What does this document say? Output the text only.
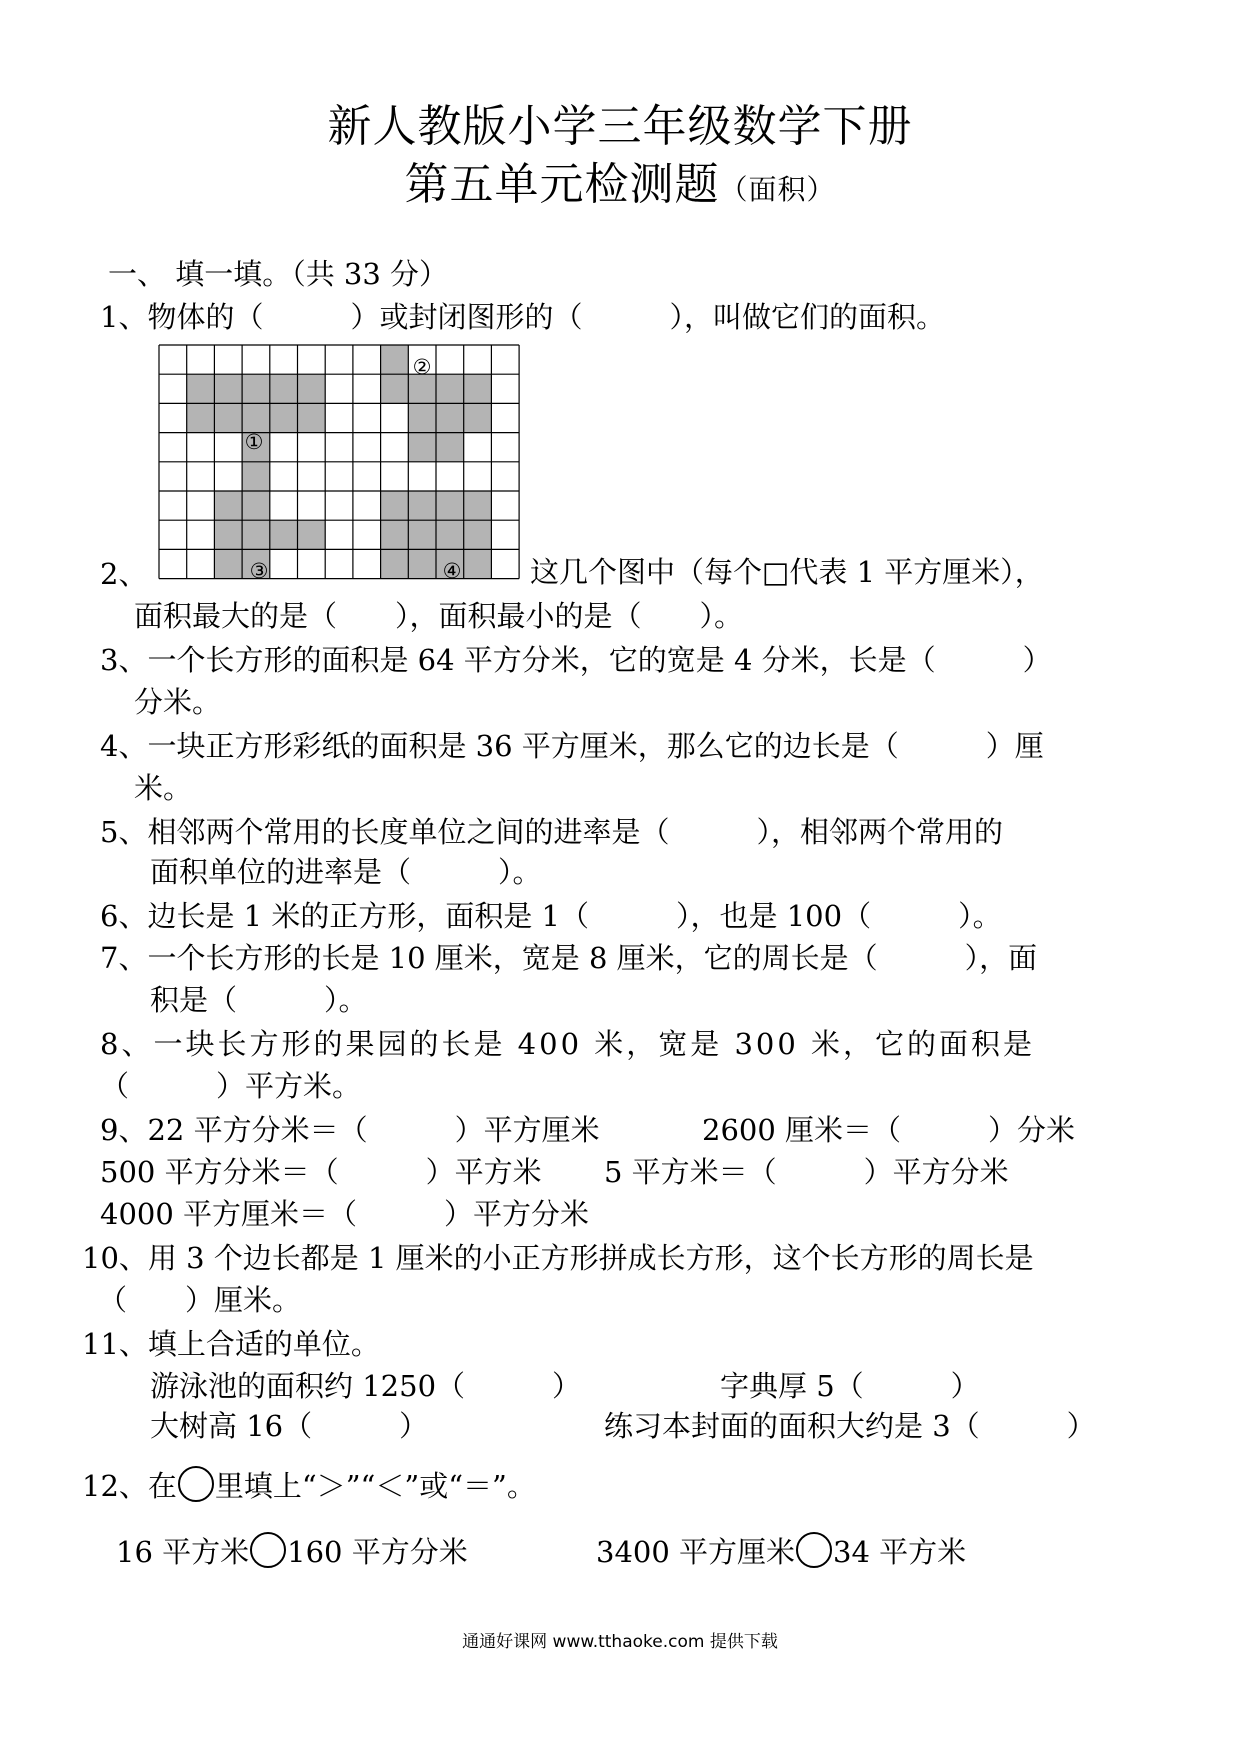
新人教版小学三年级数学下册
第五单元检测题（面积）
一、 填一填。（共 33 分）
1、物体的（　　　）或封闭图形的（　　　），叫做它们的面积。
①
②
③	④
2、	这几个图中（每个□代表 1 平方厘米），
面积最大的是（　　），面积最小的是（　　）。
3、一个长方形的面积是 64 平方分米，它的宽是 4 分米，长是（　　　）
分米。
4、一块正方形彩纸的面积是 36 平方厘米，那么它的边长是（　　　）厘
米。
5、相邻两个常用的长度单位之间的进率是（　　　），相邻两个常用的
面积单位的进率是（　　　）。
6、边长是 1 米的正方形，面积是 1（　　　），也是 100（　　　）。
7、一个长方形的长是 10 厘米，宽是 8 厘米，它的周长是（　　　），面
积是（　　　）。
8、一块长方形的果园的长是 400 米，宽是 300 米，它的面积是
（　　　）平方米。
9、22 平方分米＝（　　　）平方厘米	2600 厘米＝（　　　）分米
500 平方分米＝（　　　）平方米 5 平方米＝（　　　）平方分米
4000 平方厘米＝（　　　）平方分米
10、用 3 个边长都是 1 厘米的小正方形拼成长方形，这个长方形的周长是
（　　）厘米。
11、填上合适的单位。
游泳池的面积约 1250（　　　）	字典厚 5（　　　）
大树高 16（　　　）	练习本封面的面积大约是 3（　　　）
12、在 里填上“＞”“＜”或“＝”。
16 平方米 160 平方分米	3400 平方厘米 34 平方米
通通好课网 www.tthaoke.com 提供下载
